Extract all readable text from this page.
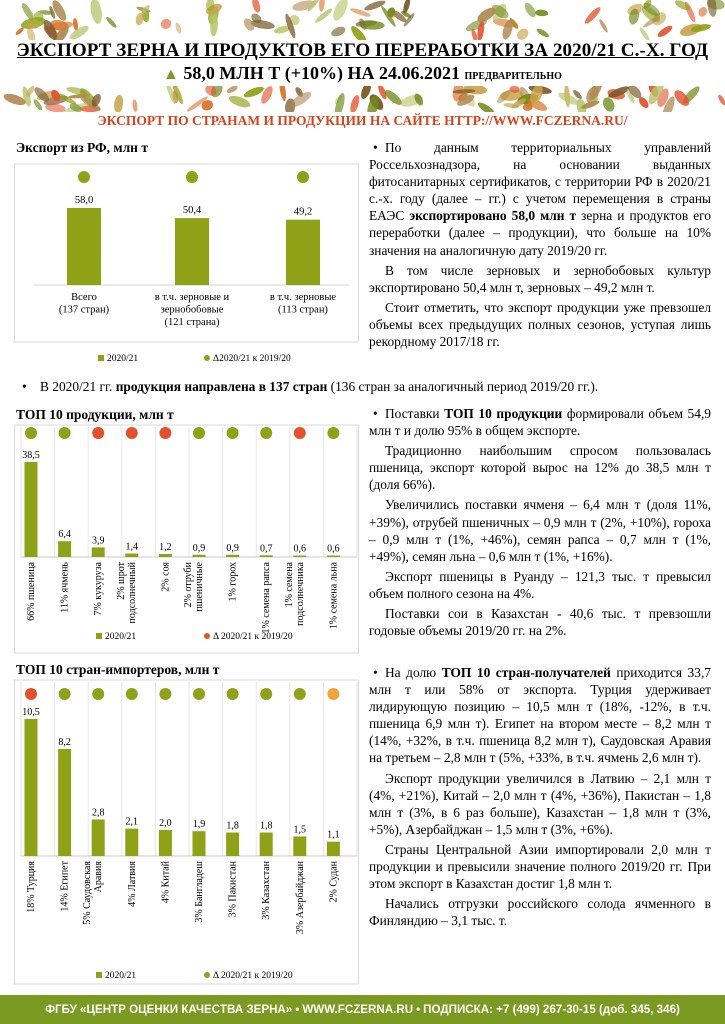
ЭКСПОРТ ЗЕРНА И ПРОДУКТОВ ЕГО ПЕРЕРАБОТКИ ЗА 2020/21 С.-Х. ГОД
▲ 58,0 МЛН Т (+10%) НА 24.06.2021 ПРЕДВАРИТЕЛЬНО
ЭКСПОРТ ПО СТРАНАМ И ПРОДУКЦИИ НА САЙТЕ HTTP://WWW.FCZERNA.RU/
Экспорт из РФ, млн т
58,0
Всего
(137 стран)
50,4
в т.ч. зерновые и
зернобобовые
(121 страна)
49,2
в т.ч. зерновые
(113 стран)
2020/21	Δ2020/21 к 2019/20

• По данным территориальных управлений Россельхознадзора, на основании выданных фитосанитарных сертификатов, с территории РФ в 2020/21 с.-х. году (далее – гг.) с учетом перемещения в страны ЕАЭС экспортировано 58,0 млн т зерна и продуктов его переработки (далее – продукции), что больше на 10% значения на аналогичную дату 2019/20 гг.

В том числе зерновых и зернобобовых культур экспортировано 50,4 млн т, зерновых – 49,2 млн т.

Стоит отметить, что экспорт продукции уже превзошел объемы всех предыдущих полных сезонов, уступая лишь рекордному 2017/18 гг.

• В 2020/21 гг. продукция направлена в 137 стран (136 стран за аналогичный период 2019/20 гг.).
ТОП 10 продукции, млн т
38,5
66% пшеница
6,4
11% ячмень
3,9
7% кукуруза
1,4
2% шрот подсолнечный
1,2
2% соя
0,9
2% отруби пшеничные
0,9
1% горох
0,7
1% семена рапса
0,6
1% семена подсолнечника
0,6
1% семена льна
2020/21	Δ 2020/21 к 2019/20

• Поставки ТОП 10 продукции формировали объем 54,9 млн т и долю 95% в общем экспорте.

Традиционно наибольшим спросом пользовалась пшеница, экспорт которой вырос на 12% до 38,5 млн т (доля 66%).

Увеличились поставки ячменя – 6,4 млн т (доля 11%, +39%), отрубей пшеничных – 0,9 млн т (2%, +10%), гороха – 0,9 млн т (1%, +46%), семян рапса – 0,7 млн т (1%, +49%), семян льна – 0,6 млн т (1%, +16%).

Экспорт пшеницы в Руанду – 121,3 тыс. т превысил объем полного сезона на 4%.

Поставки сои в Казахстан - 40,6 тыс. т превзошли годовые объемы 2019/20 гг. на 2%.

ТОП 10 стран-импортеров, млн т
10,5
18% Турция
8,2
14% Египет
2,8
5% Саудовская Аравия
2,1
4% Латвия
2,0
4% Китай
1,9
3% Бангладеш
1,8
3% Пакистан
1,8
3% Казахстан
1,5
3% Азербайджан
1,1
2% Судан
2020/21	Δ 2020/21 к 2019/20

• На долю ТОП 10 стран-получателей приходится 33,7 млн т или 58% от экспорта. Турция удерживает лидирующую позицию – 10,5 млн т (18%, -12%, в т.ч. пшеница 6,9 млн т). Египет на втором месте – 8,2 млн т (14%, +32%, в т.ч. пшеница 8,2 млн т), Саудовская Аравия на третьем – 2,8 млн т (5%, +33%, в т.ч. ячмень 2,6 млн т).

Экспорт продукции увеличился в Латвию – 2,1 млн т (4%, +21%), Китай – 2,0 млн т (4%, +36%), Пакистан – 1,8 млн т (3%, в 6 раз больше), Казахстан – 1,8 млн т (3%, +5%), Азербайджан – 1,5 млн т (3%, +6%).

Страны Центральной Азии импортировали 2,0 млн т продукции и превысили значение полного 2019/20 гг. При этом экспорт в Казахстан достиг 1,8 млн т.

Начались отгрузки российского солода ячменного в Финляндию – 3,1 тыс. т.

ФГБУ «ЦЕНТР ОЦЕНКИ КАЧЕСТВА ЗЕРНА» • WWW.FCZERNA.RU • ПОДПИСКА: +7 (499) 267-30-15 (доб. 345, 346)
